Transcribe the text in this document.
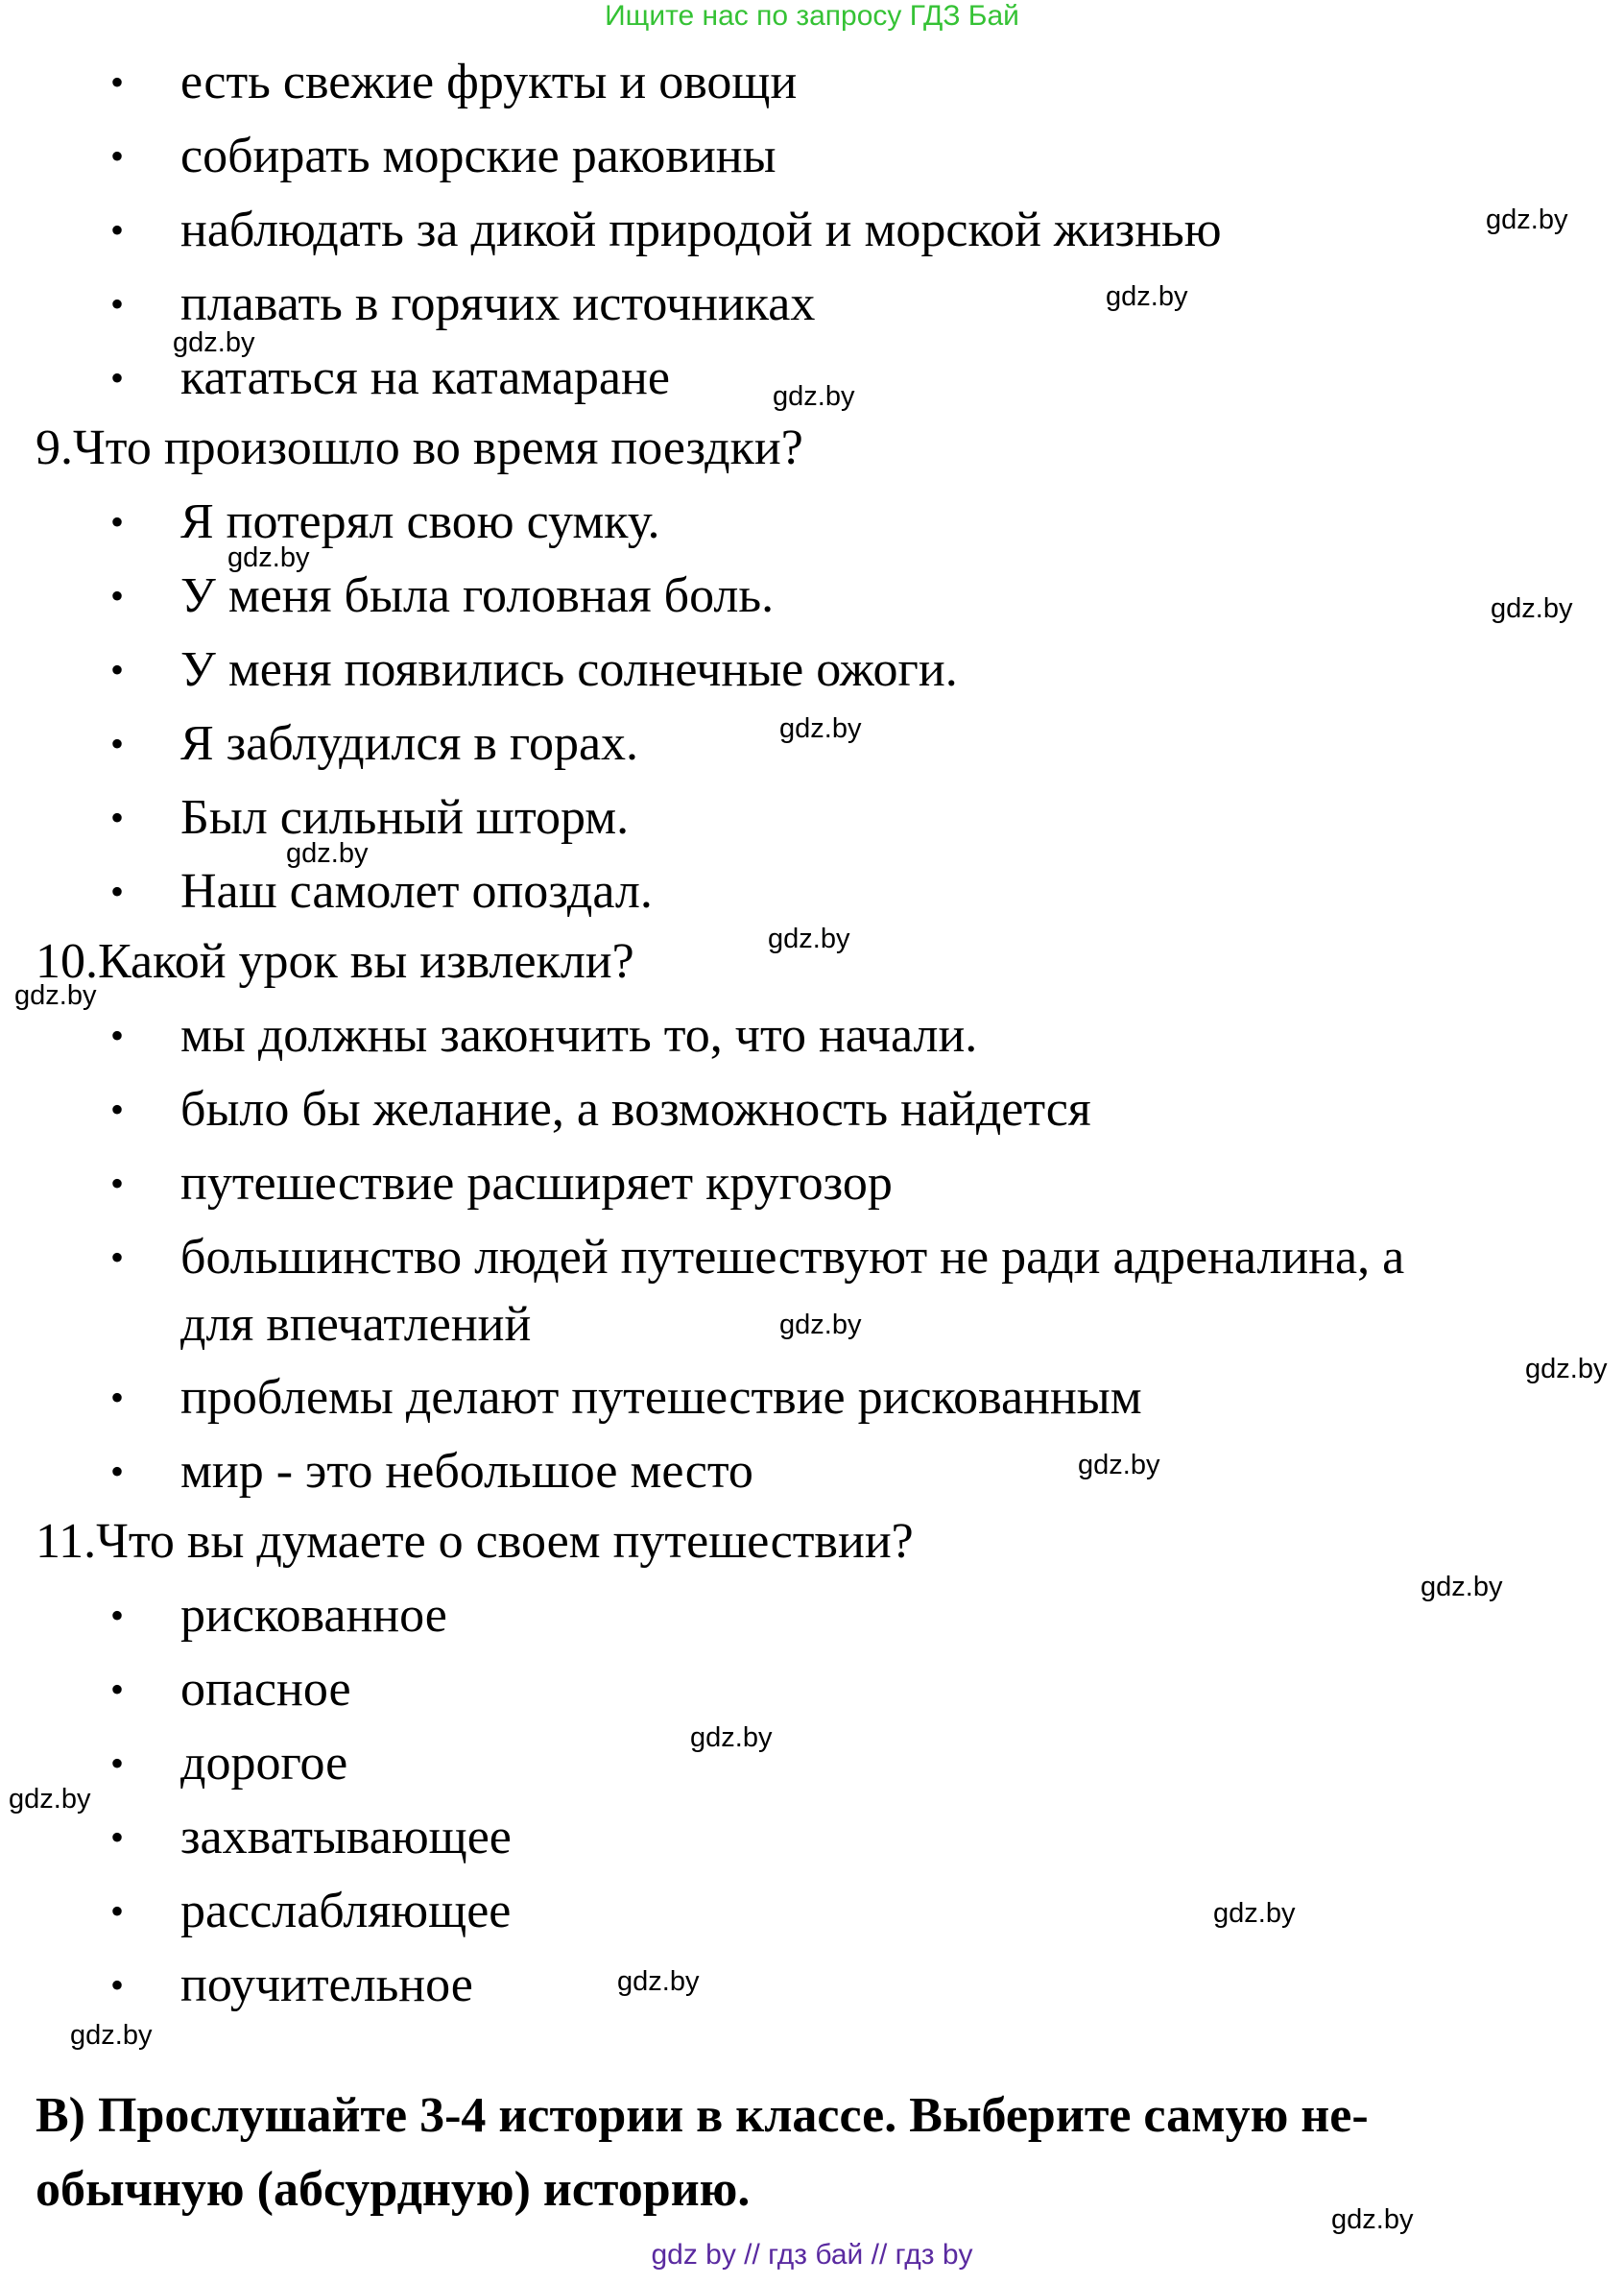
Ищите нас по запросу ГДЗ Бай
• есть свежие фрукты и овощи
• собирать морские раковины
• наблюдать за дикой природой и морской жизнью
• плавать в горячих источниках
• кататься на катамаране
9.Что произошло во время поездки?
• Я потерял свою сумку.
• У меня была головная боль.
• У меня появились солнечные ожоги.
• Я заблудился в горах.
• Был сильный шторм.
• Наш самолет опоздал.
10.Какой урок вы извлекли?
• мы должны закончить то, что начали.
• было бы желание, а возможность найдется
• путешествие расширяет кругозор
• большинство людей путешествуют не ради адреналина, а
для впечатлений
• проблемы делают путешествие рискованным
• мир - это небольшое место
11.Что вы думаете о своем путешествии?
• рискованное
• опасное
• дорогое
• захватывающее
• расслабляющее
• поучительное
B) Прослушайте 3-4 истории в классе. Выберите самую не-
обычную (абсурдную) историю.
gdz.by
gdz.by
gdz.by
gdz.by
gdz.by
gdz.by
gdz.by
gdz.by
gdz.by
gdz.by
gdz.by
gdz.by
gdz.by
gdz.by
gdz.by
gdz.by
gdz.by
gdz.by
gdz.by
gdz.by
gdz by // гдз бай // гдз by
